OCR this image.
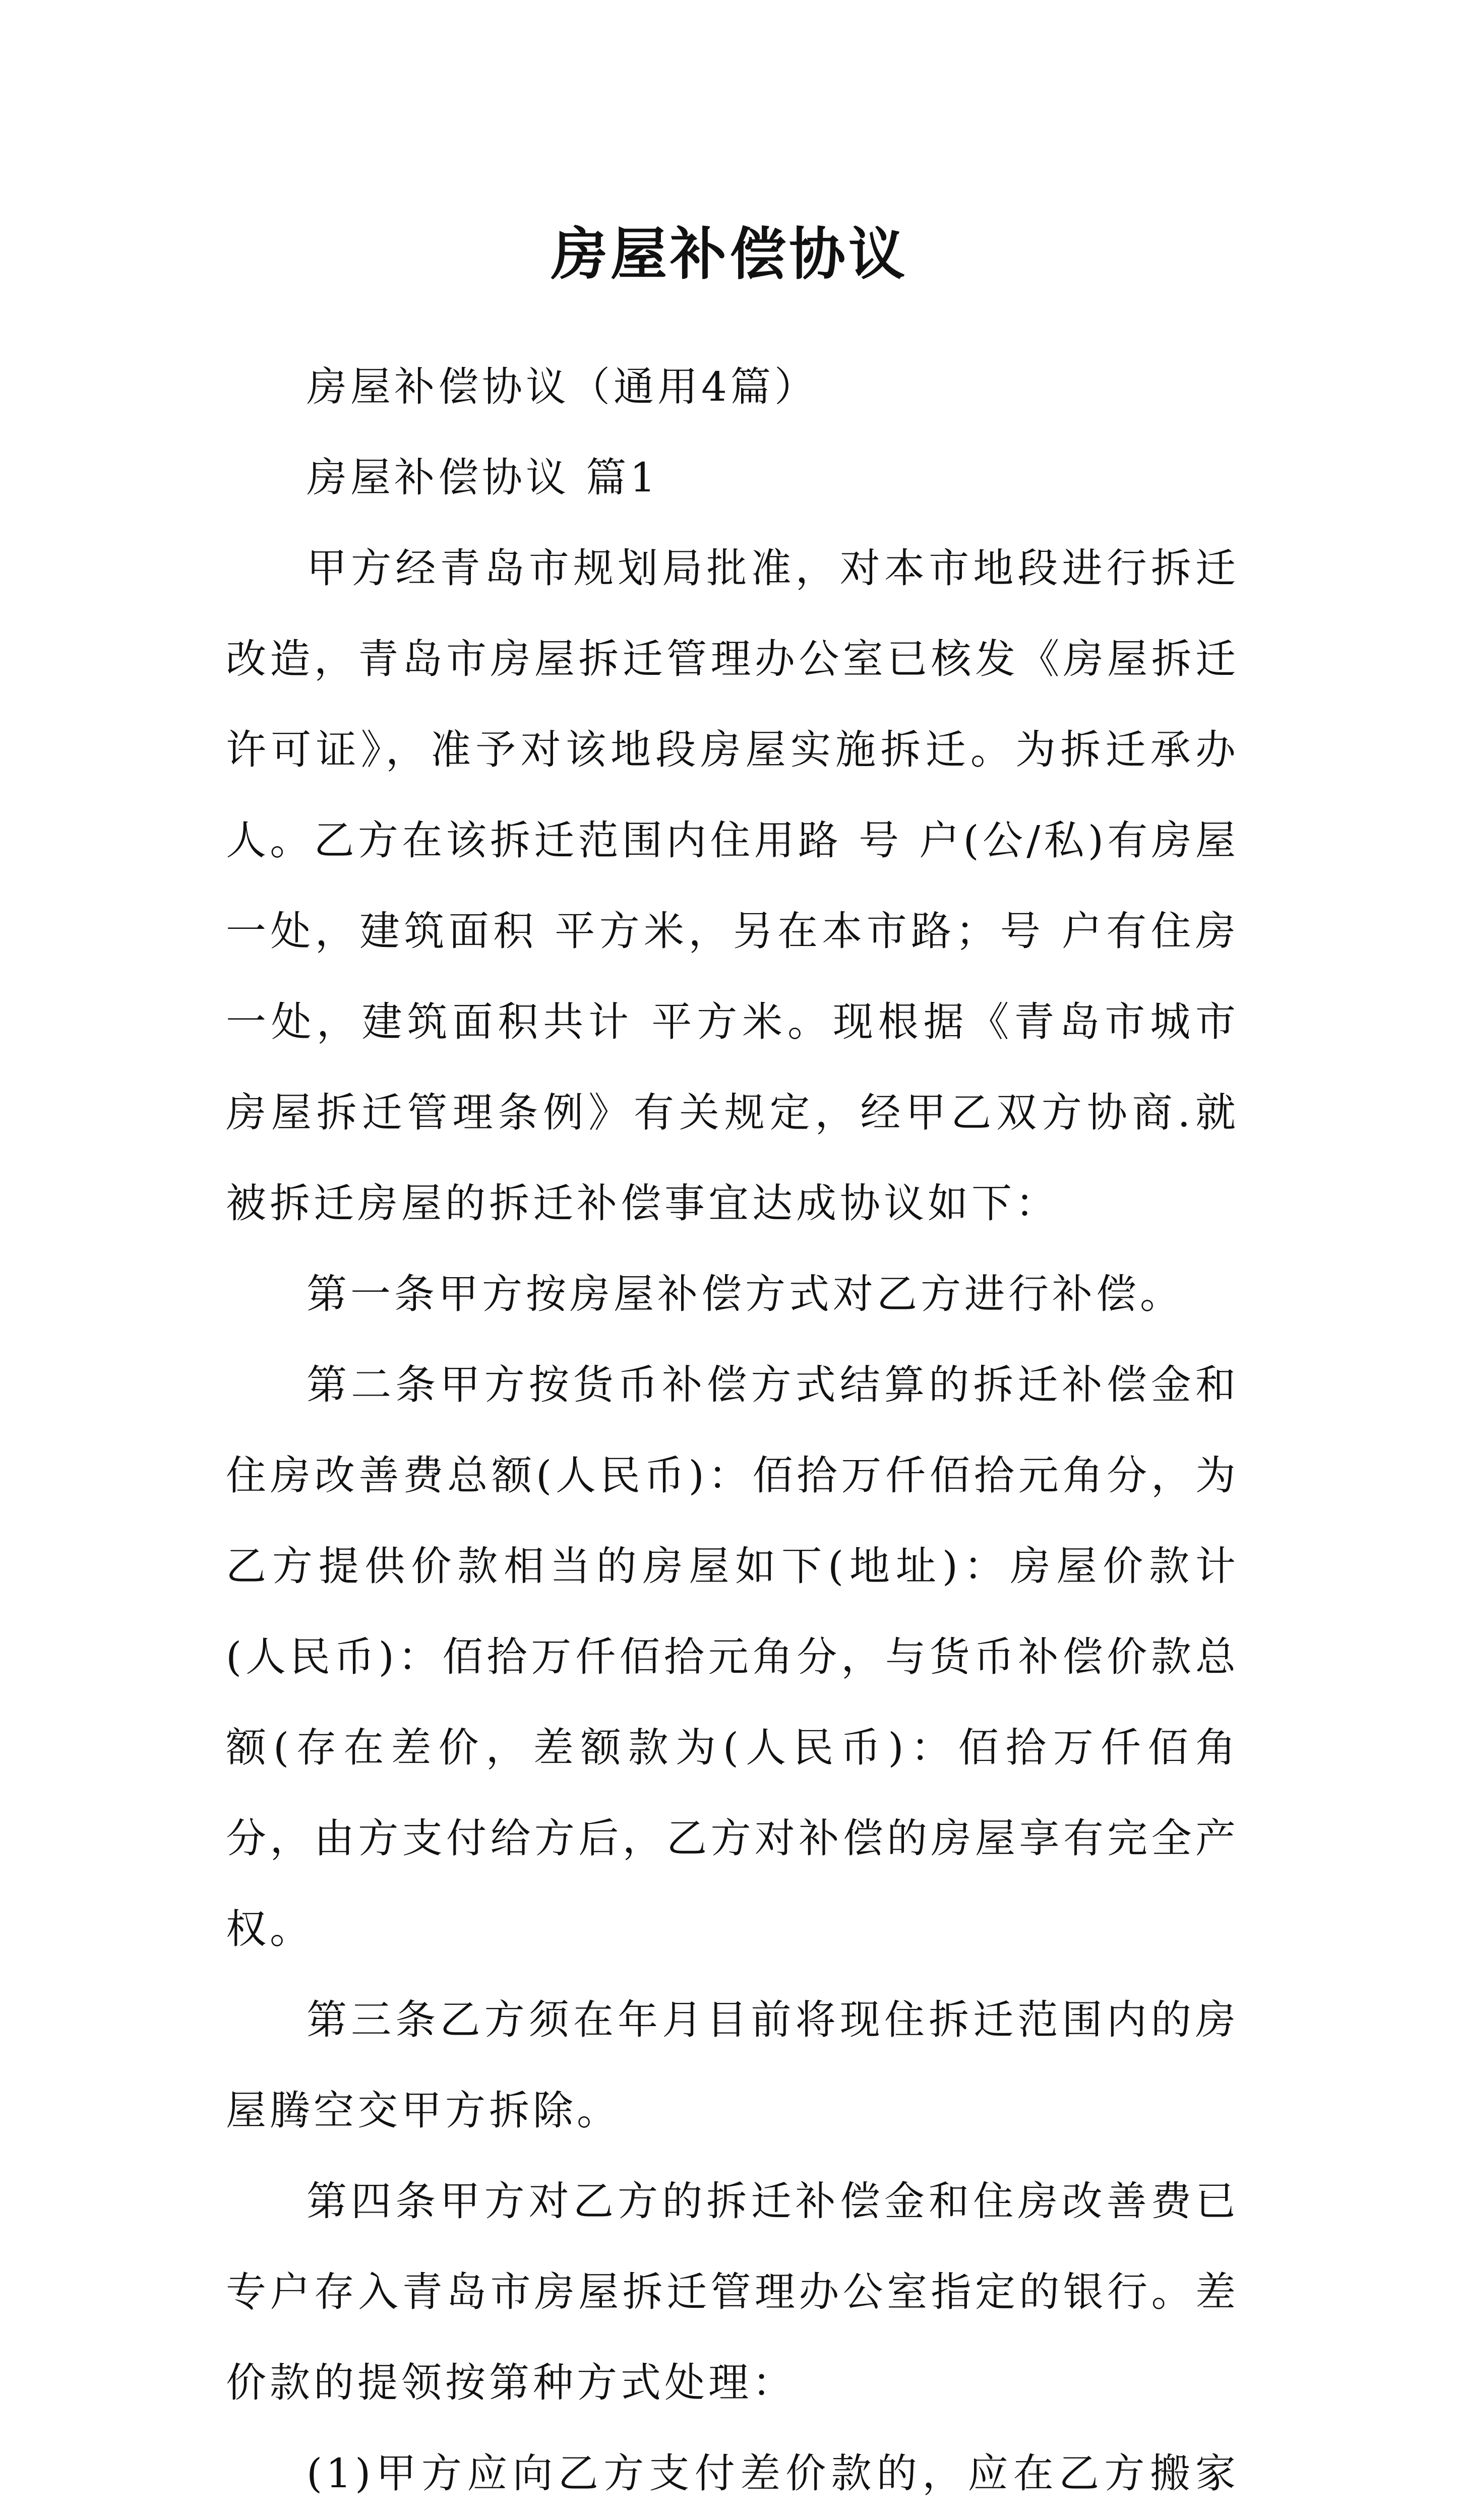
房屋补偿协议

房屋补偿协议（通用4篇）

房屋补偿协议 篇1

甲方经青岛市规划局批准，对本市地段进行拆迁改造，青岛市房屋拆迁管理办公室已核发《房屋拆迁许可证》，准予对该地段房屋实施拆迁。为拆迁承办人。乙方在该拆迁范围内住用路 号 户(公/私)有房屋一处，建筑面积 平方米，另在本市路；号 户有住房一处，建筑面积共计 平方米。现根据《青岛市城市房屋拆迁管理条例》有关规定，经甲乙双方协商.就被拆迁房屋的拆迁补偿事宜达成协议如下：

第一条甲方按房屋补偿方式对乙方进行补偿。

第二条甲方按货币补偿方式结算的拆迁补偿金和住房改善费总额(人民币)：佰拾万仟佰拾元角分，为乙方提供价款相当的房屋如下(地址)：房屋价款计(人民币)：佰拾万仟佰拾元角分，与货币补偿价款总额(存在差价，差额款为(人民币)：佰拾万仟佰角分，由方支付给方后，乙方对补偿的房屋享有完全产权。

第三条乙方须在年月目前将现住拆迁范围内的房屋腾空交甲方拆除。

第四条甲方对乙方的拆迁补偿金和住房改善费已专户存入青岛市房屋拆迁管理办公室指定的银行。差价款的提领按第种方式处理：

(1)甲方应向乙方支付差价款的，应在乙方搬家
